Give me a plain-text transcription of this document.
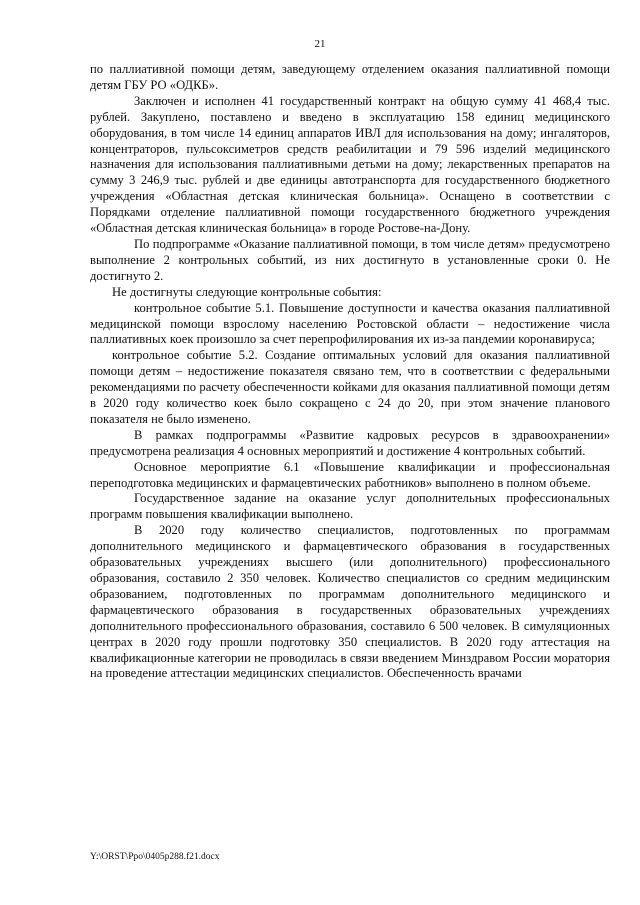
21

по паллиативной помощи детям, заведующему отделением оказания паллиативной помощи детям ГБУ РО «ОДКБ».

Заключен и исполнен 41 государственный контракт на общую сумму 41 468,4 тыс. рублей. Закуплено, поставлено и введено в эксплуатацию 158 единиц медицинского оборудования, в том числе 14 единиц аппаратов ИВЛ для использования на дому; ингаляторов, концентраторов, пульсоксиметров средств реабилитации и 79 596 изделий медицинского назначения для использования паллиативными детьми на дому; лекарственных препаратов на сумму 3 246,9 тыс. рублей и две единицы автотранспорта для государственного бюджетного учреждения «Областная детская клиническая больница». Оснащено в соответствии с Порядками отделение паллиативной помощи государственного бюджетного учреждения «Областная детская клиническая больница» в городе Ростове-на-Дону.

По подпрограмме «Оказание паллиативной помощи, в том числе детям» предусмотрено выполнение 2 контрольных событий, из них достигнуто в установленные сроки 0. Не достигнуто 2.

Не достигнуты следующие контрольные события:

контрольное событие 5.1. Повышение доступности и качества оказания паллиативной медицинской помощи взрослому населению Ростовской области – недостижение числа паллиативных коек произошло за счет перепрофилирования их из-за пандемии коронавируса;

контрольное событие 5.2. Создание оптимальных условий для оказания паллиативной помощи детям – недостижение показателя связано тем, что в соответствии с федеральными рекомендациями по расчету обеспеченности койками для оказания паллиативной помощи детям в 2020 году количество коек было сокращено с 24 до 20, при этом значение планового показателя не было изменено.

В рамках подпрограммы «Развитие кадровых ресурсов в здравоохранении» предусмотрена реализация 4 основных мероприятий и достижение 4 контрольных событий.

Основное мероприятие 6.1 «Повышение квалификации и профессиональная переподготовка медицинских и фармацевтических работников» выполнено в полном объеме.

Государственное задание на оказание услуг дополнительных профессиональных программ повышения квалификации выполнено.

В 2020 году количество специалистов, подготовленных по программам дополнительного медицинского и фармацевтического образования в государственных образовательных учреждениях высшего (или дополнительного) профессионального образования, составило 2 350 человек. Количество специалистов со средним медицинским образованием, подготовленных по программам дополнительного медицинского и фармацевтического образования в государственных образовательных учреждениях дополнительного профессионального образования, составило 6 500 человек. В симуляционных центрах в 2020 году прошли подготовку 350 специалистов. В 2020 году аттестация на квалификационные категории не проводилась в связи введением Минздравом России моратория на проведение аттестации медицинских специалистов. Обеспеченность врачами

Y:\ORST\Ppo\0405p288.f21.docx
